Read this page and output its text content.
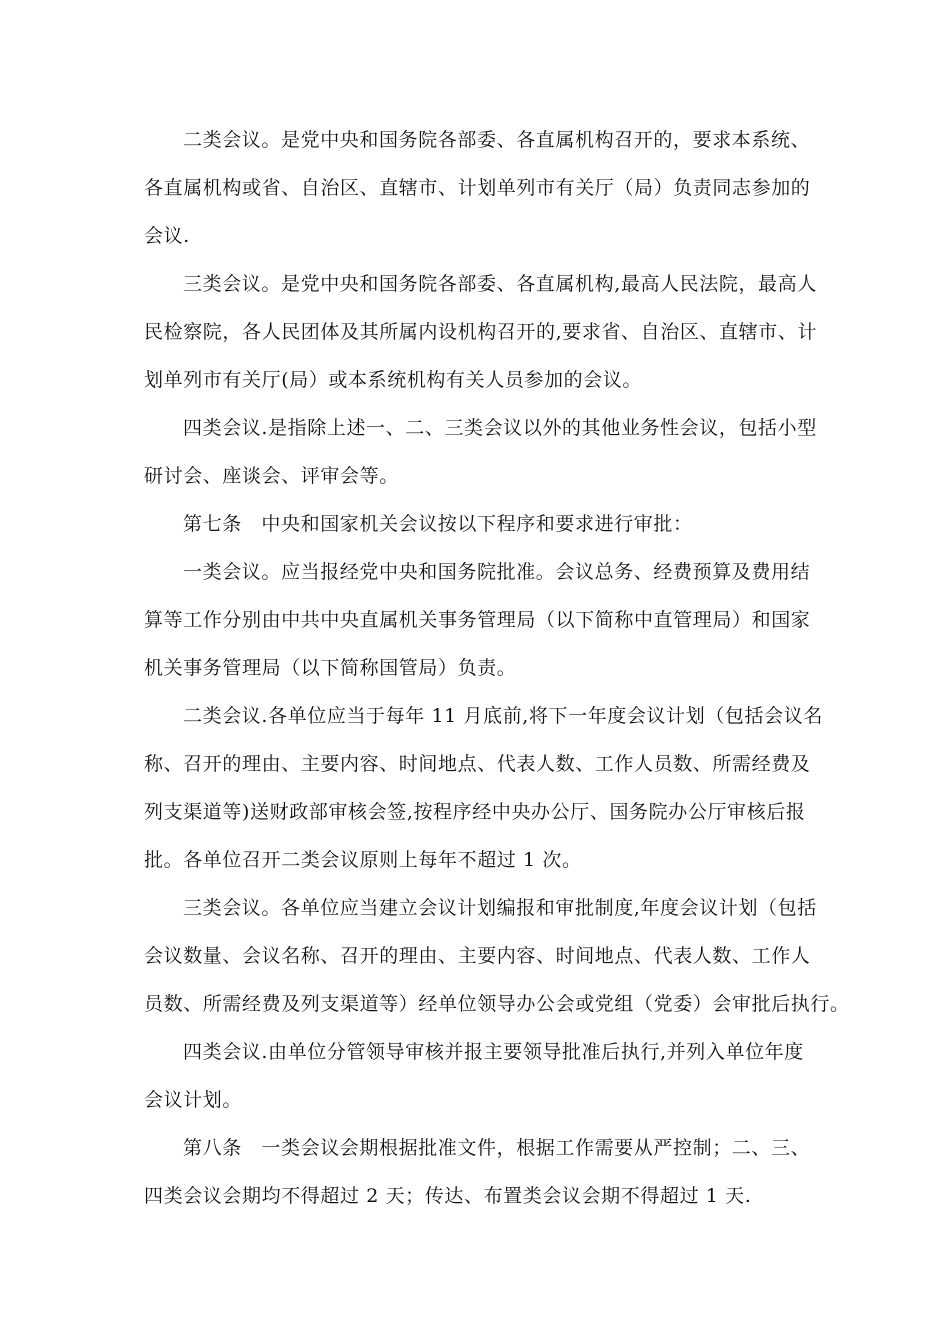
二类会议。是党中央和国务院各部委、各直属机构召开的，要求本系统、

各直属机构或省、自治区、直辖市、计划单列市有关厅（局）负责同志参加的

会议.

三类会议。是党中央和国务院各部委、各直属机构,最高人民法院，最高人

民检察院，各人民团体及其所属内设机构召开的,要求省、自治区、直辖市、计

划单列市有关厅(局）或本系统机构有关人员参加的会议。

四类会议.是指除上述一、二、三类会议以外的其他业务性会议，包括小型

研讨会、座谈会、评审会等。

第七条　中央和国家机关会议按以下程序和要求进行审批：

一类会议。应当报经党中央和国务院批准。会议总务、经费预算及费用结

算等工作分别由中共中央直属机关事务管理局（以下简称中直管理局）和国家

机关事务管理局（以下简称国管局）负责。

二类会议.各单位应当于每年 11 月底前,将下一年度会议计划（包括会议名

称、召开的理由、主要内容、时间地点、代表人数、工作人员数、所需经费及

列支渠道等)送财政部审核会签,按程序经中央办公厅、国务院办公厅审核后报

批。各单位召开二类会议原则上每年不超过 1 次。

三类会议。各单位应当建立会议计划编报和审批制度,年度会议计划（包括

会议数量、会议名称、召开的理由、主要内容、时间地点、代表人数、工作人

员数、所需经费及列支渠道等）经单位领导办公会或党组（党委）会审批后执行。

四类会议.由单位分管领导审核并报主要领导批准后执行,并列入单位年度

会议计划。

第八条　一类会议会期根据批准文件，根据工作需要从严控制；二、三、

四类会议会期均不得超过 2 天；传达、布置类会议会期不得超过 1 天.
